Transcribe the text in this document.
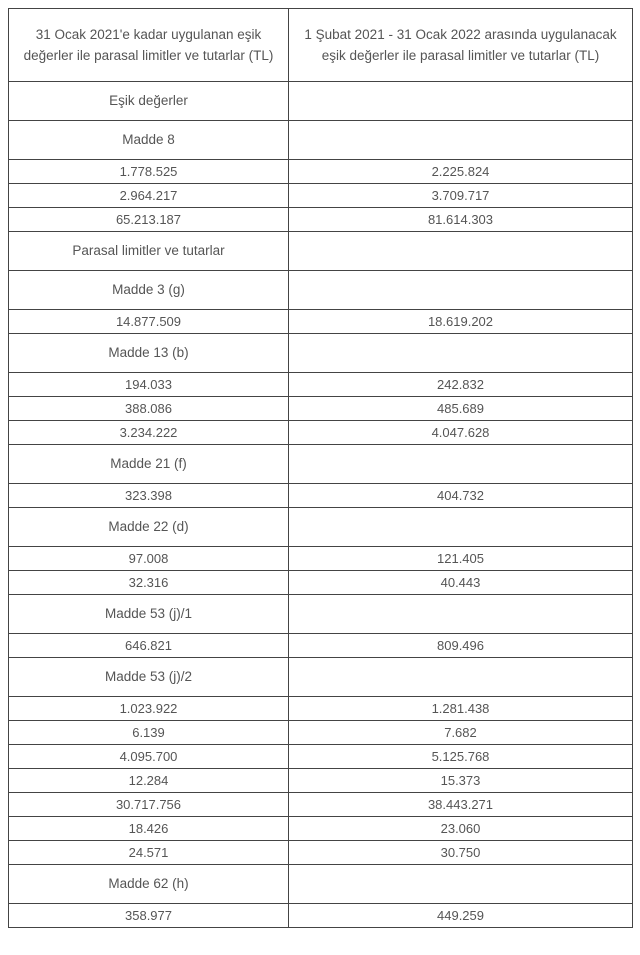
31 Ocak 2021'e kadar uygulanan eşik değerler ile parasal limitler ve tutarlar (TL)	1 Şubat 2021 - 31 Ocak 2022 arasında uygulanacak eşik değerler ile parasal limitler ve tutarlar (TL)
Eşik değerler	
Madde 8	
1.778.525	2.225.824
2.964.217	3.709.717
65.213.187	81.614.303
Parasal limitler ve tutarlar	
Madde 3 (g)	
14.877.509	18.619.202
Madde 13 (b)	
194.033	242.832
388.086	485.689
3.234.222	4.047.628
Madde 21 (f)	
323.398	404.732
Madde 22 (d)	
97.008	121.405
32.316	40.443
Madde 53 (j)/1	
646.821	809.496
Madde 53 (j)/2	
1.023.922	1.281.438
6.139	7.682
4.095.700	5.125.768
12.284	15.373
30.717.756	38.443.271
18.426	23.060
24.571	30.750
Madde 62 (h)	
358.977	449.259
